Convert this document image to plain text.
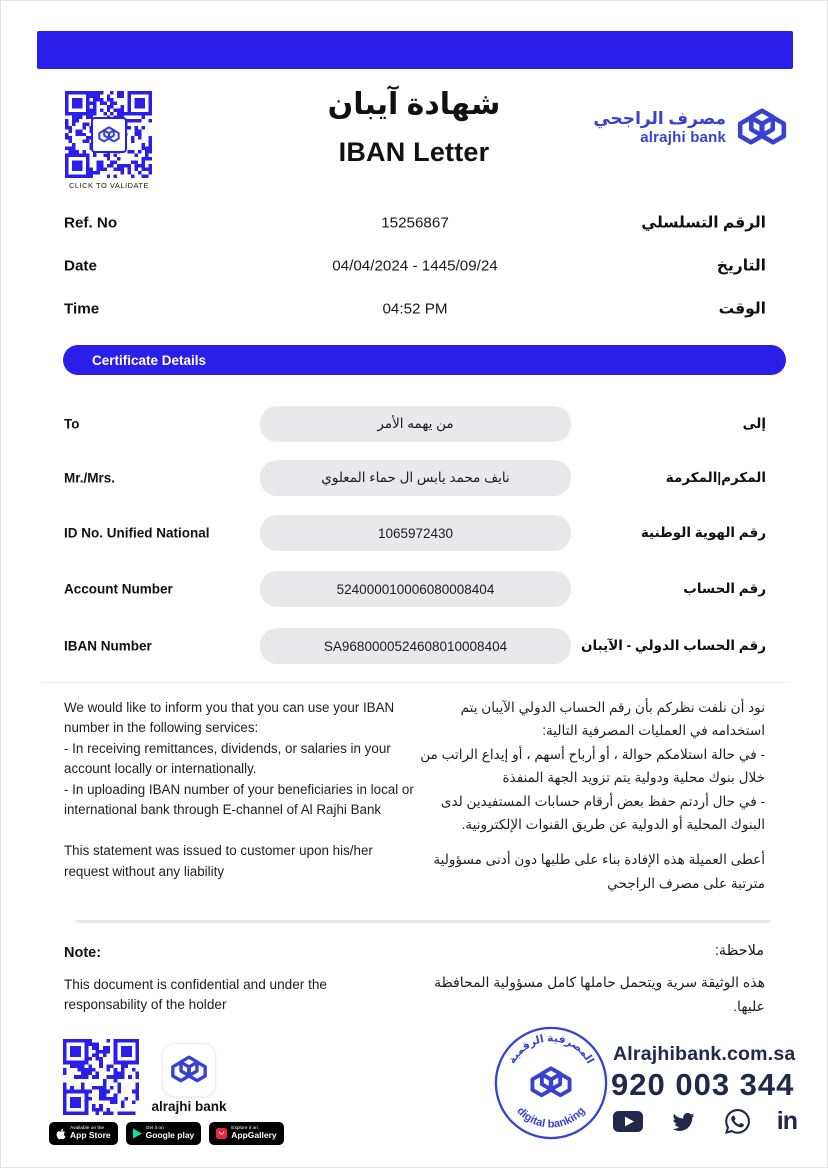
CLICK TO VALIDATE
شهادة آيبان
IBAN Letter
مصرف الراجحي
alrajhi bank
Ref. No	15256867	الرقم التسلسلي
Date	04/04/2024 - 1445/09/24	التاريخ
Time	04:52 PM	الوقت
Certificate Details
To	من يهمه الأمر	إلى
Mr./Mrs.	نايف محمد يابس ال حماء المعلوي	المكرم|المكرمة
ID No. Unified National	1065972430	رقم الهوية الوطنية
Account Number	524000010006080008404	رقم الحساب
IBAN Number	SA9680000524608010008404	رقم الحساب الدولي - الآيبان

We would like to inform you that you can use your IBAN number in the following services:

- In receiving remittances, dividends, or salaries in your account locally or internationally.

- In uploading IBAN number of your beneficiaries in local or international bank through E-channel of Al Rajhi Bank

This statement was issued to customer upon his/her request without any liability

نود أن نلفت نظركم بأن رقم الحساب الدولي الآيبان يتم استخدامه في العمليات المصرفية التالية:

- في حالة استلامكم حوالة ، أو أرباح أسهم ، أو إيداع الراتب من خلال بنوك محلية ودولية يتم تزويد الجهة المنفذة

- في حال أردتم حفظ بعض أرقام حسابات المستفيدين لدى البنوك المحلية أو الدولية عن طريق القنوات الإلكترونية.

أعطى العميلة هذه الإفادة بناء على طلبها دون أدنى مسؤولية مترتبة على مصرف الراجحي

Note:	ملاحظة:
This document is confidential and under the responsability of the holder
هذه الوثيقة سرية ويتحمل حاملها كامل مسؤولية المحافظة عليها.
alrajhi bank
Available on the
App Store
Get it on
Google play
Explore it on
AppGallery
المصرفية الرقمية
digital banking
Alrajhibank.com.sa
920 003 344
in
